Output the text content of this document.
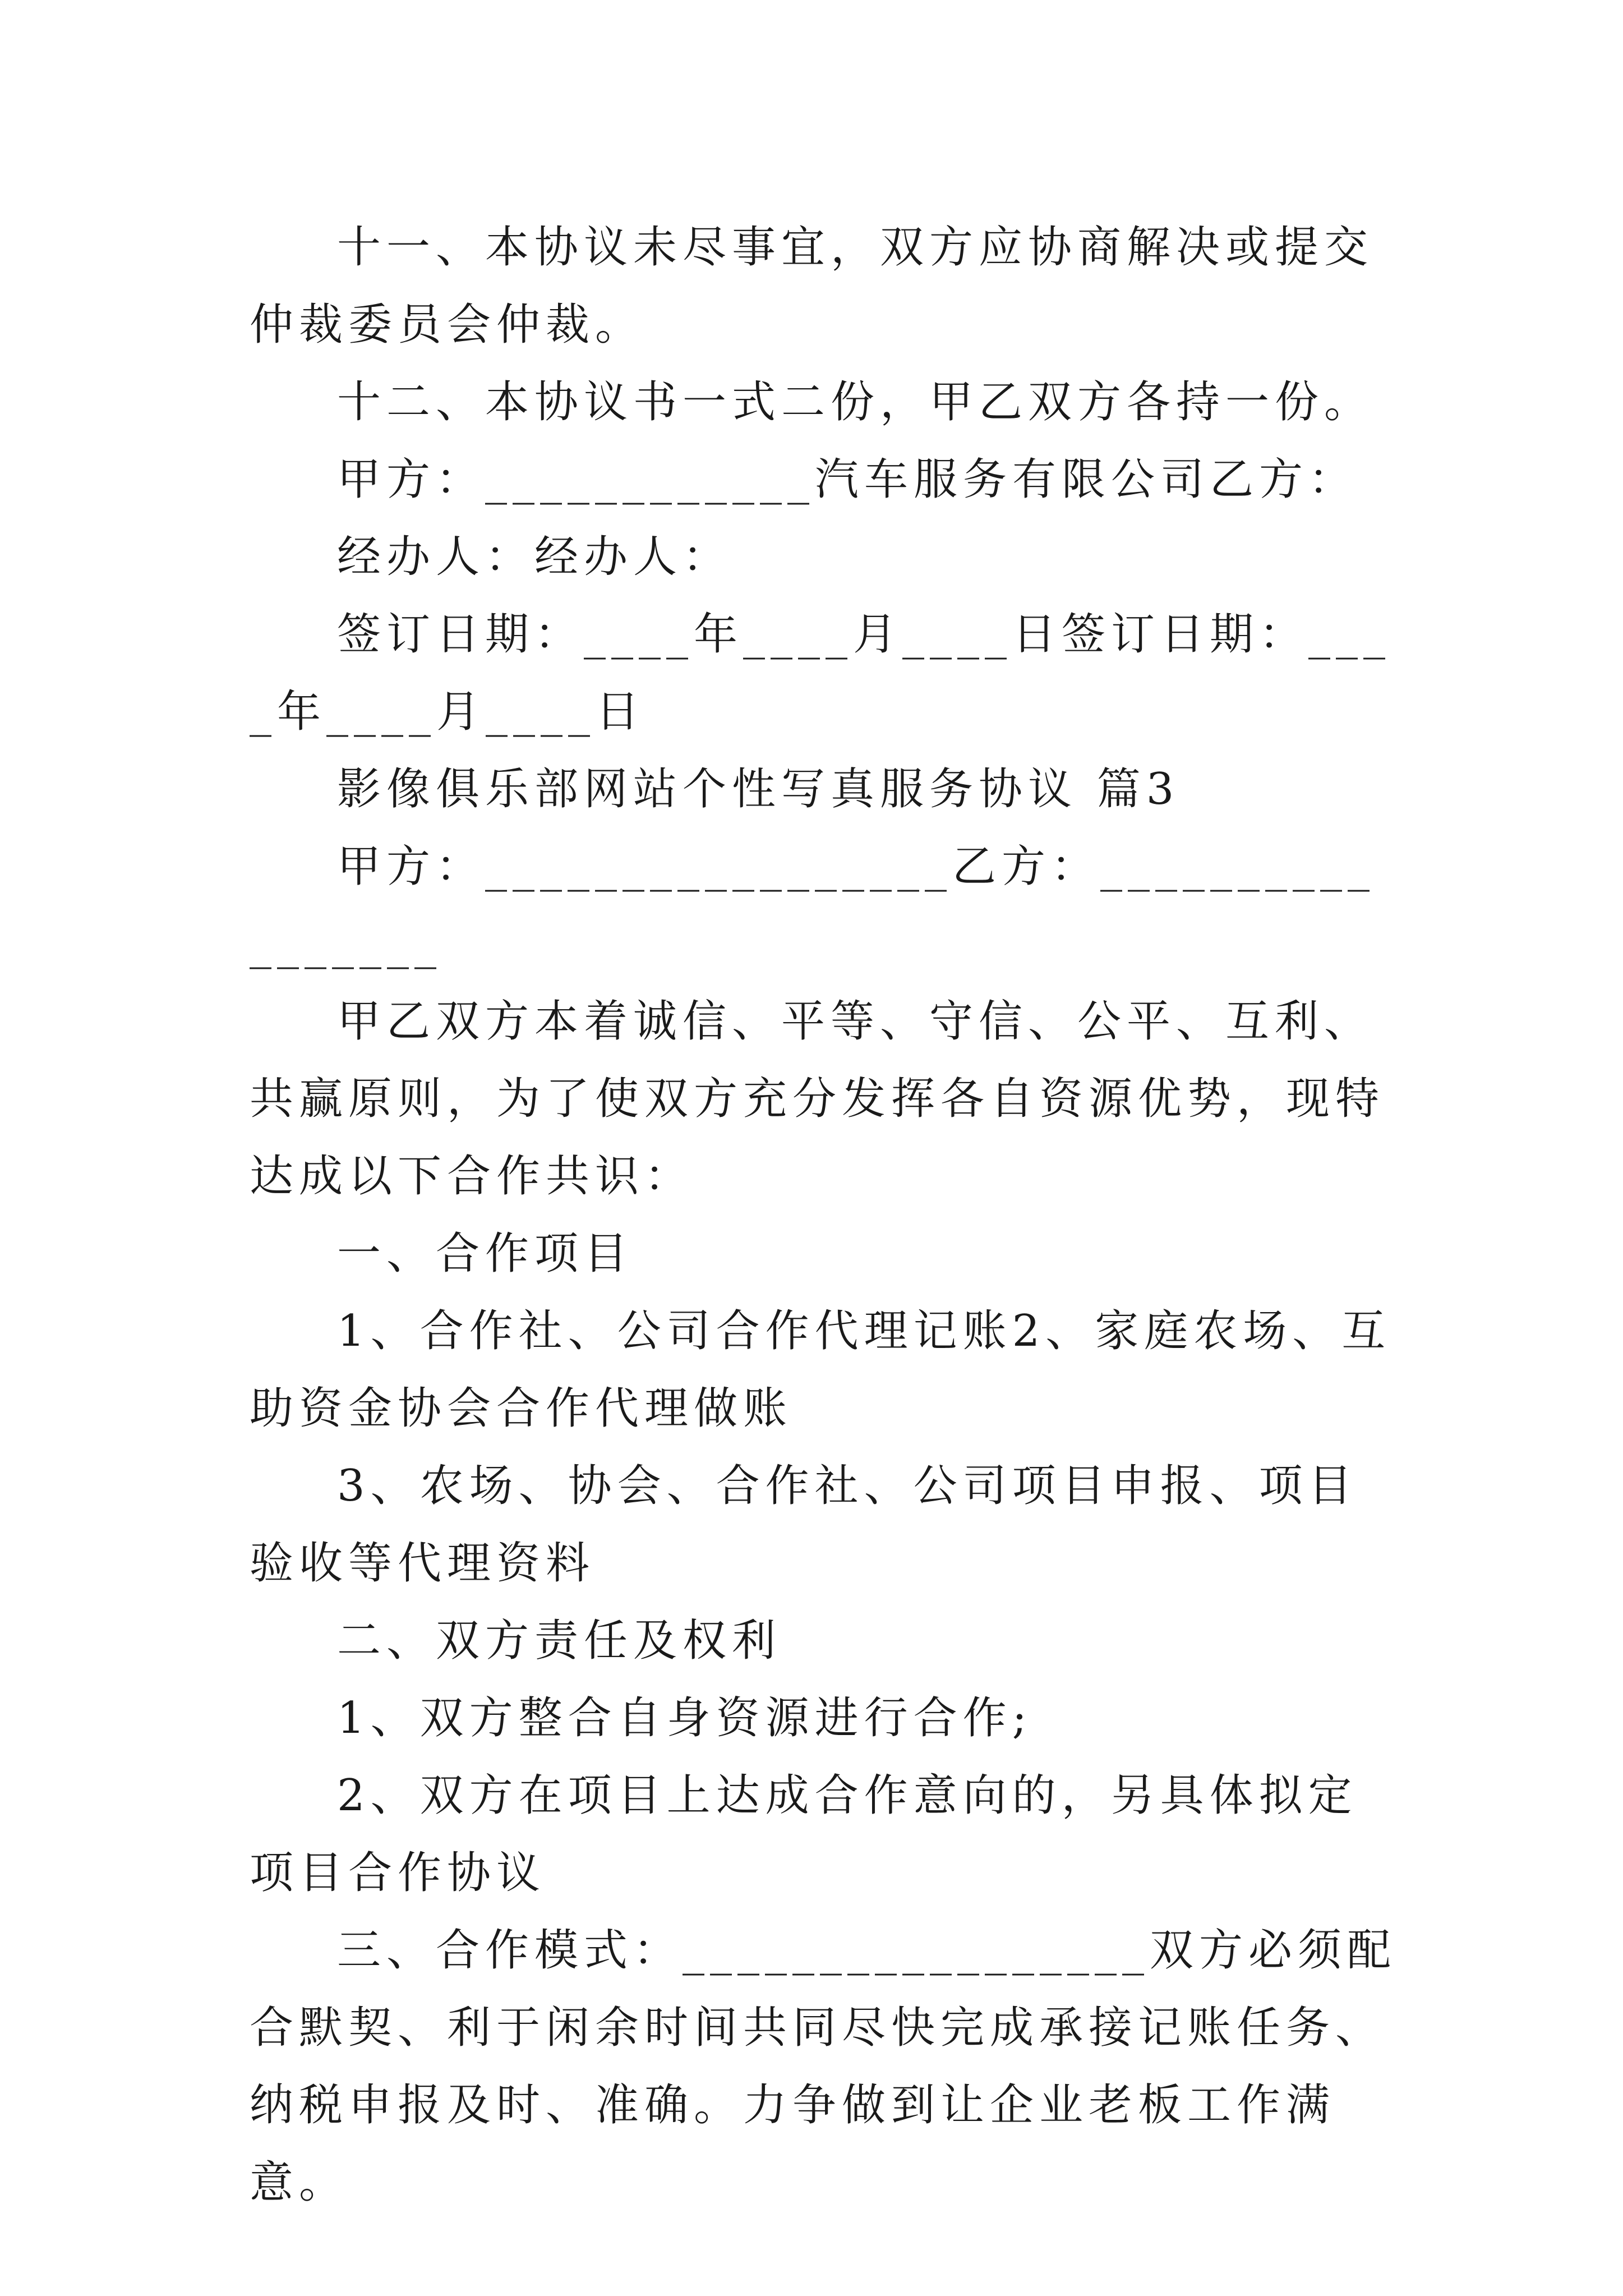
十一、本协议未尽事宜，双方应协商解决或提交仲裁委员会仲裁。

十二、本协议书一式二份，甲乙双方各持一份。

甲方：____________汽车服务有限公司乙方：

经办人：经办人：

签订日期：____年____月____日签订日期：____年____月____日

影像俱乐部网站个性写真服务协议 篇3

甲方：_________________乙方：_________________

甲乙双方本着诚信、平等、守信、公平、互利、共赢原则，为了使双方充分发挥各自资源优势，现特达成以下合作共识：

一、合作项目

1、合作社、公司合作代理记账2、家庭农场、互助资金协会合作代理做账

3、农场、协会、合作社、公司项目申报、项目验收等代理资料

二、双方责任及权利

1、双方整合自身资源进行合作;

2、双方在项目上达成合作意向的，另具体拟定项目合作协议

三、合作模式：_________________双方必须配合默契、利于闲余时间共同尽快完成承接记账任务、纳税申报及时、准确。力争做到让企业老板工作满意。
